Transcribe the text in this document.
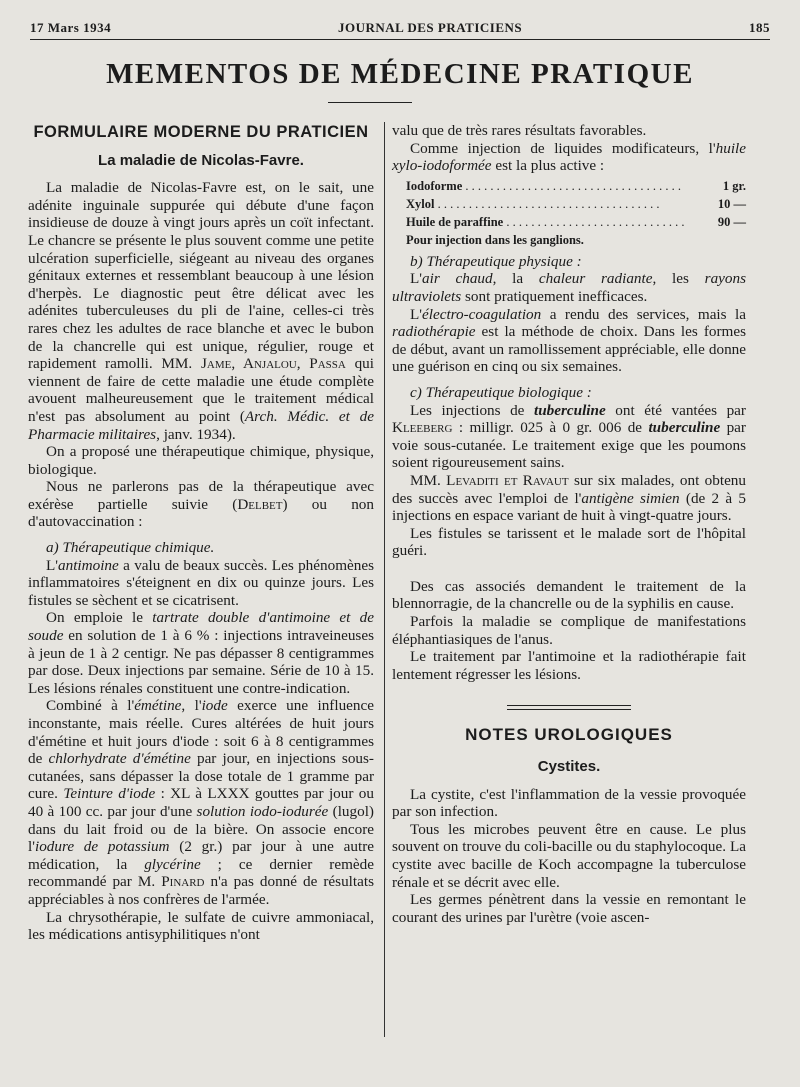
17 Mars 1934	JOURNAL DES PRATICIENS	185
MEMENTOS DE MÉDECINE PRATIQUE
FORMULAIRE MODERNE DU PRATICIEN
La maladie de Nicolas-Favre.

La maladie de Nicolas-Favre est, on le sait, une adénite inguinale suppurée qui débute d'une façon insidieuse de douze à vingt jours après un coït infectant. Le chancre se présente le plus souvent comme une petite ulcération superficielle, siégeant au niveau des organes génitaux externes et ressemblant beaucoup à une lésion d'herpès. Le diagnostic peut être délicat avec les adénites tuberculeuses du pli de l'aine, celles-ci très rares chez les adultes de race blanche et avec le bubon de la chancrelle qui est unique, régulier, rouge et rapidement ramolli. MM. Jame, Anjalou, Passa qui viennent de faire de cette maladie une étude complète avouent malheureusement que le traitement médical n'est pas absolument au point (Arch. Médic. et de Pharmacie militaires, janv. 1934).

On a proposé une thérapeutique chimique, physique, biologique.

Nous ne parlerons pas de la thérapeutique avec exérèse partielle suivie (Delbet) ou non d'autovaccination :

a) Thérapeutique chimique.

L'antimoine a valu de beaux succès. Les phénomènes inflammatoires s'éteignent en dix ou quinze jours. Les fistules se sèchent et se cicatrisent.

On emploie le tartrate double d'antimoine et de soude en solution de 1 à 6 % : injections intraveineuses à jeun de 1 à 2 centigr. Ne pas dépasser 8 centigrammes par dose. Deux injections par semaine. Série de 10 à 15. Les lésions rénales constituent une contre-indication.

Combiné à l'émétine, l'iode exerce une influence inconstante, mais réelle. Cures altérées de huit jours d'émétine et huit jours d'iode : soit 6 à 8 centigrammes de chlorhydrate d'émétine par jour, en injections sous-cutanées, sans dépasser la dose totale de 1 gramme par cure. Teinture d'iode : XL à LXXX gouttes par jour ou 40 à 100 cc. par jour d'une solution iodo-iodurée (lugol) dans du lait froid ou de la bière. On associe encore l'iodure de potassium (2 gr.) par jour à une autre médication, la glycérine ; ce dernier remède recommandé par M. Pinard n'a pas donné de résultats appréciables à nos confrères de l'armée.

La chrysothérapie, le sulfate de cuivre ammoniacal, les médications antisyphilitiques n'ont

valu que de très rares résultats favorables.

Comme injection de liquides modificateurs, l'huile xylo-iodoformée est la plus active :

Iodoforme . . .	1 gr.
Xylol . . .	10 —
Huile de paraffine . . .	90 —
Pour injection dans les ganglions.

b) Thérapeutique physique :

L'air chaud, la chaleur radiante, les rayons ultraviolets sont pratiquement inefficaces.

L'électro-coagulation a rendu des services, mais la radiothérapie est la méthode de choix. Dans les formes de début, avant un ramollissement appréciable, elle donne une guérison en cinq ou six semaines.

c) Thérapeutique biologique :

Les injections de tuberculine ont été vantées par Kleeberg : milligr. 025 à 0 gr. 006 de tuberculine par voie sous-cutanée. Le traitement exige que les poumons soient rigoureusement sains.

MM. Levaditi et Ravaut sur six malades, ont obtenu des succès avec l'emploi de l'antigène simien (de 2 à 5 injections en espace variant de huit à vingt-quatre jours.

Les fistules se tarissent et le malade sort de l'hôpital guéri.

Des cas associés demandent le traitement de la blennorragie, de la chancrelle ou de la syphilis en cause.

Parfois la maladie se complique de manifestations éléphantiasiques de l'anus.

Le traitement par l'antimoine et la radiothérapie fait lentement régresser les lésions.

NOTES UROLOGIQUES
Cystites.

La cystite, c'est l'inflammation de la vessie provoquée par son infection.

Tous les microbes peuvent être en cause. Le plus souvent on trouve du coli-bacille ou du staphylocoque. La cystite avec bacille de Koch accompagne la tuberculose rénale et se décrit avec elle.

Les germes pénètrent dans la vessie en remontant le courant des urines par l'urètre (voie ascen-
